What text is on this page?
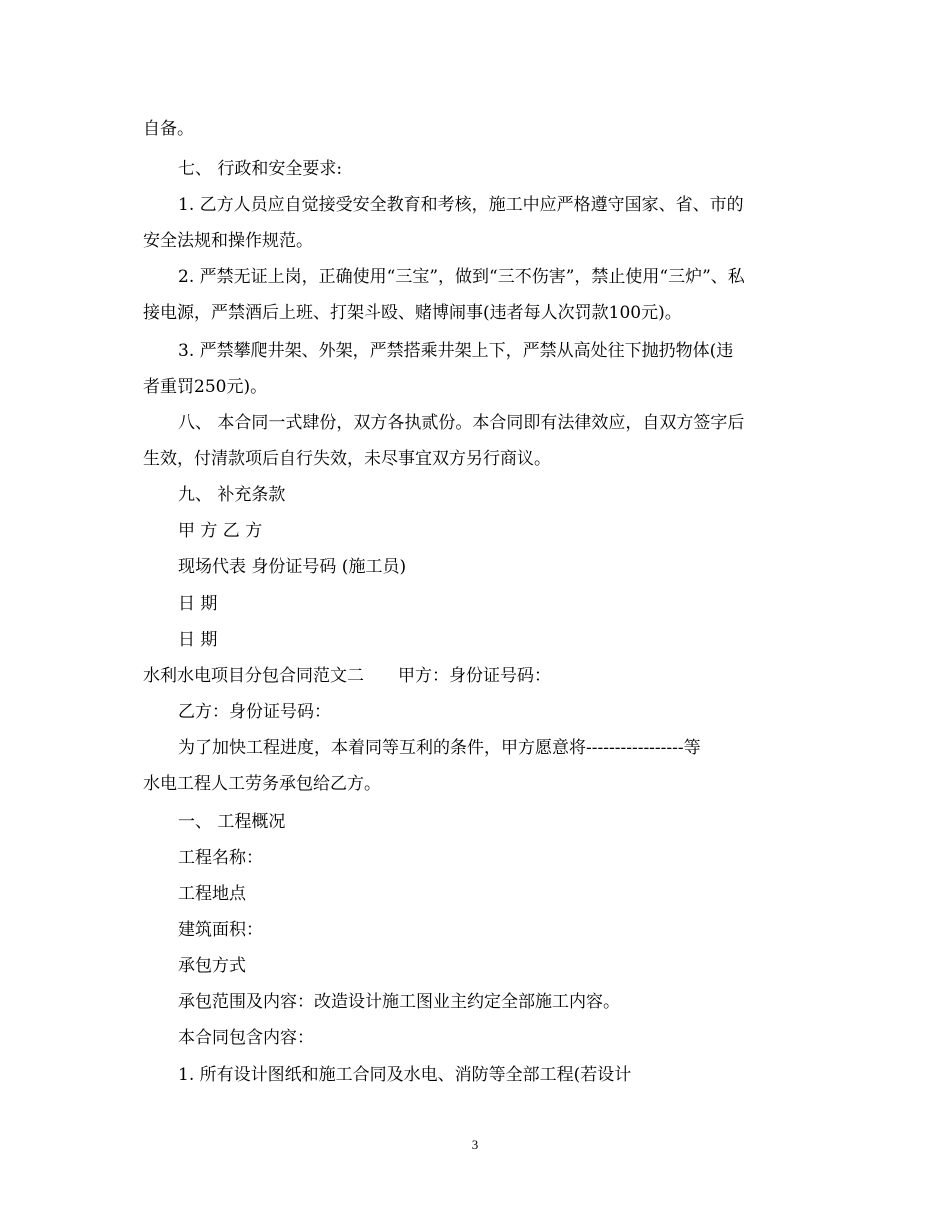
自备。
七、 行政和安全要求:
1. 乙方人员应自觉接受安全教育和考核，施工中应严格遵守国家、省、市的
安全法规和操作规范。
2. 严禁无证上岗，正确使用“三宝”，做到“三不伤害”，禁止使用“三炉”、私
接电源，严禁酒后上班、打架斗殴、赌博闹事(违者每人次罚款100元)。
3. 严禁攀爬井架、外架，严禁搭乘井架上下，严禁从高处往下抛扔物体(违
者重罚250元)。
八、 本合同一式肆份，双方各执贰份。本合同即有法律效应，自双方签字后
生效，付清款项后自行失效，未尽事宜双方另行商议。
九、 补充条款
甲 方 乙 方
现场代表 身份证号码 (施工员)
日 期
日 期
水利水电项目分包合同范文二 甲方：身份证号码：
乙方：身份证号码：
为了加快工程进度，本着同等互利的条件，甲方愿意将-----------------等
水电工程人工劳务承包给乙方。
一、 工程概况
工程名称：
工程地点
建筑面积：
承包方式
承包范围及内容：改造设计施工图业主约定全部施工内容。
本合同包含内容：
1. 所有设计图纸和施工合同及水电、消防等全部工程(若设计
3
